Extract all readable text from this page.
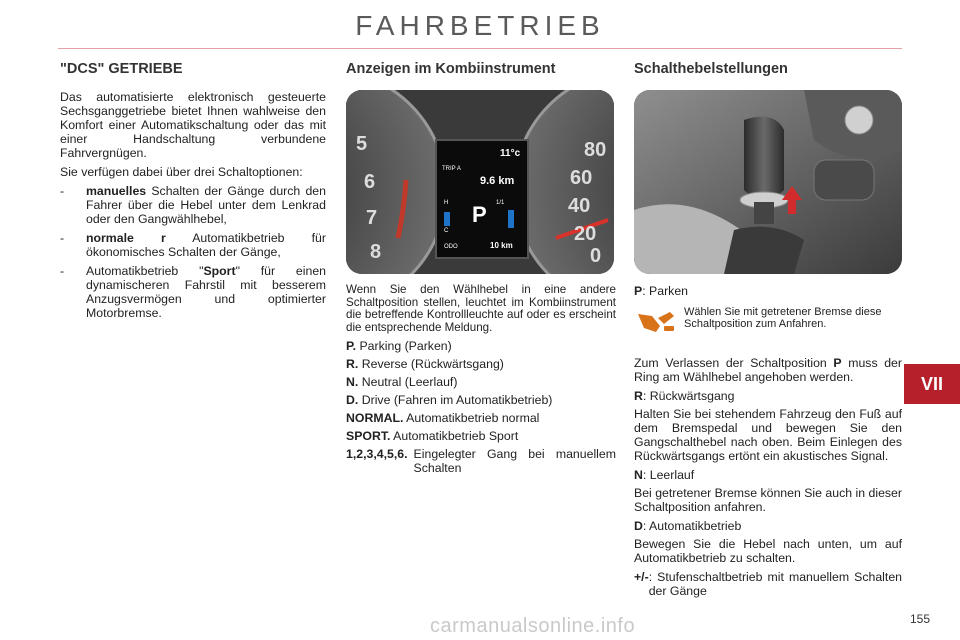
FAHRBETRIEB
"DCS" GETRIEBE

Das automatisierte elektronisch gesteuerte Sechsganggetriebe bietet Ihnen wahlweise den Komfort einer Automatikschaltung oder das mit einer Handschaltung verbundene Fahrvergnügen.

Sie verfügen dabei über drei Schaltoptionen:

- manuelles Schalten der Gänge durch den Fahrer über die Hebel unter dem Lenkrad oder den Gangwählhebel,
- normale r Automatikbetrieb für ökonomisches Schalten der Gänge,
- Automatikbetrieb "Sport" für einen dynamischeren Fahrstil mit besserem Anzugsvermögen und optimierter Motorbremse.
Anzeigen im Kombiinstrument
5
6
7
8
80
60
40
20
0
11°c
TRIP A
9.6 km
H	1/1
P
C
ODO	10 km

Wenn Sie den Wählhebel in eine andere Schaltposition stellen, leuchtet im Kombiinstrument die betreffende Kontrollleuchte auf oder es erscheint die entsprechende Meldung.

P. Parking (Parken)
R. Reverse (Rückwärtsgang)
N. Neutral (Leerlauf)
D. Drive (Fahren im Automatikbetrieb)
NORMAL. Automatikbetrieb normal
SPORT. Automatikbetrieb Sport
1,2,3,4,5,6. Eingelegter Gang bei manuellem Schalten
Schalthebelstellungen
P: Parken
Wählen Sie mit getretener Bremse diese Schaltposition zum Anfahren.

Zum Verlassen der Schaltposition P muss der Ring am Wählhebel angehoben werden.

R: Rückwärtsgang

Halten Sie bei stehendem Fahrzeug den Fuß auf dem Bremspedal und bewegen Sie den Gangschalthebel nach oben. Beim Einlegen des Rückwärtsgangs ertönt ein akustisches Signal.

N: Leerlauf

Bei getretener Bremse können Sie auch in dieser Schaltposition anfahren.

D: Automatikbetrieb

Bewegen Sie die Hebel nach unten, um auf Automatikbetrieb zu schalten.

+/- : Stufenschaltbetrieb mit manuellem Schalten der Gänge
VII
carmanualsonline.info	155
